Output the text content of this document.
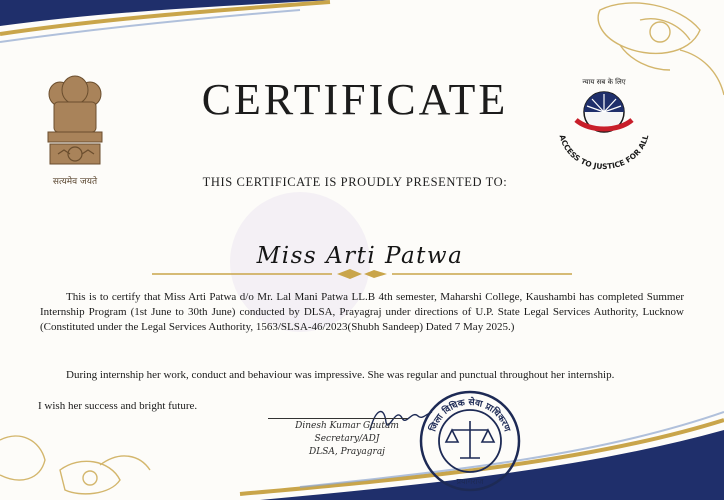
सत्यमेव जयते
CERTIFICATE	न्याय सब के लिए
ACCESS TO JUSTICE FOR ALL
THIS CERTIFICATE IS PROUDLY PRESENTED TO:
Miss Arti Patwa

This is to certify that Miss Arti Patwa d/o Mr. Lal Mani Patwa LL.B 4th semester, Maharshi College, Kaushambi has completed Summer Internship Program (1st June to 30th June) conducted by DLSA, Prayagraj under directions of U.P. State Legal Services Authority, Lucknow (Constituted under the Legal Services Authority, 1563/SLSA-46/2023(Shubh Sandeep) Dated 7 May 2025.)

During internship her work, conduct and behaviour was impressive. She was regular and punctual throughout her internship.

I wish her success and bright future.

Dinesh Kumar Gautam
Secretary/ADJ
DLSA, Prayagraj
जिला विधिक सेवा प्राधिकरण
प्रयागराज
